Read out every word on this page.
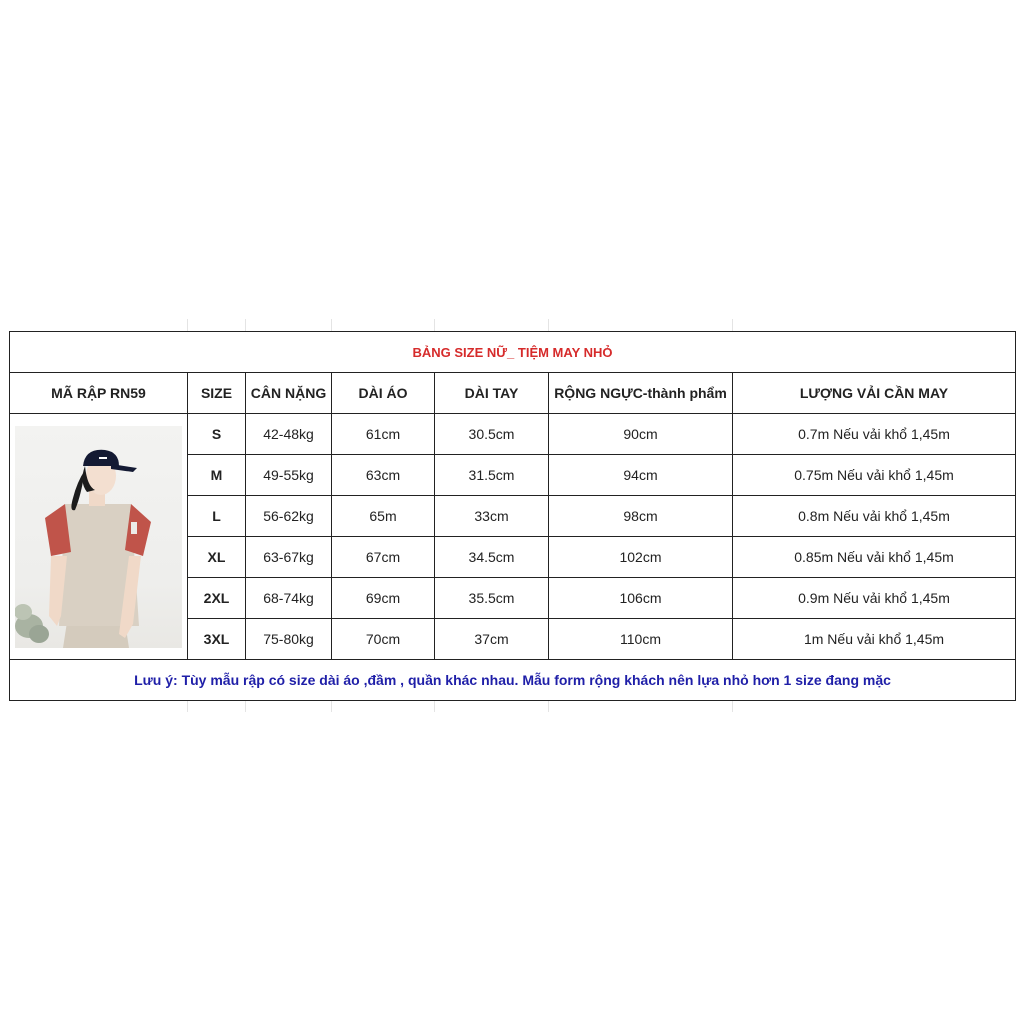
BẢNG SIZE NỮ_ TIỆM MAY NHỎ						
MÃ RẬP RN59	SIZE	CÂN NẶNG	DÀI ÁO	DÀI TAY	RỘNG NGỰC-thành phẩm	LƯỢNG VẢI CẦN MAY

	S	42-48kg	61cm	30.5cm	90cm	0.7m Nếu vải khổ 1,45m
	M	49-55kg	63cm	31.5cm	94cm	0.75m Nếu vải khổ 1,45m
	L	56-62kg	65m	33cm	98cm	0.8m Nếu vải khổ 1,45m
	XL	63-67kg	67cm	34.5cm	102cm	0.85m Nếu vải khổ 1,45m
	2XL	68-74kg	69cm	35.5cm	106cm	0.9m Nếu vải khổ 1,45m
	3XL	75-80kg	70cm	37cm	110cm	1m Nếu vải khổ 1,45m
Lưu ý: Tùy mẫu rập có size dài áo ,đầm , quần khác nhau. Mẫu form rộng khách nên lựa nhỏ hơn 1 size đang mặc						
